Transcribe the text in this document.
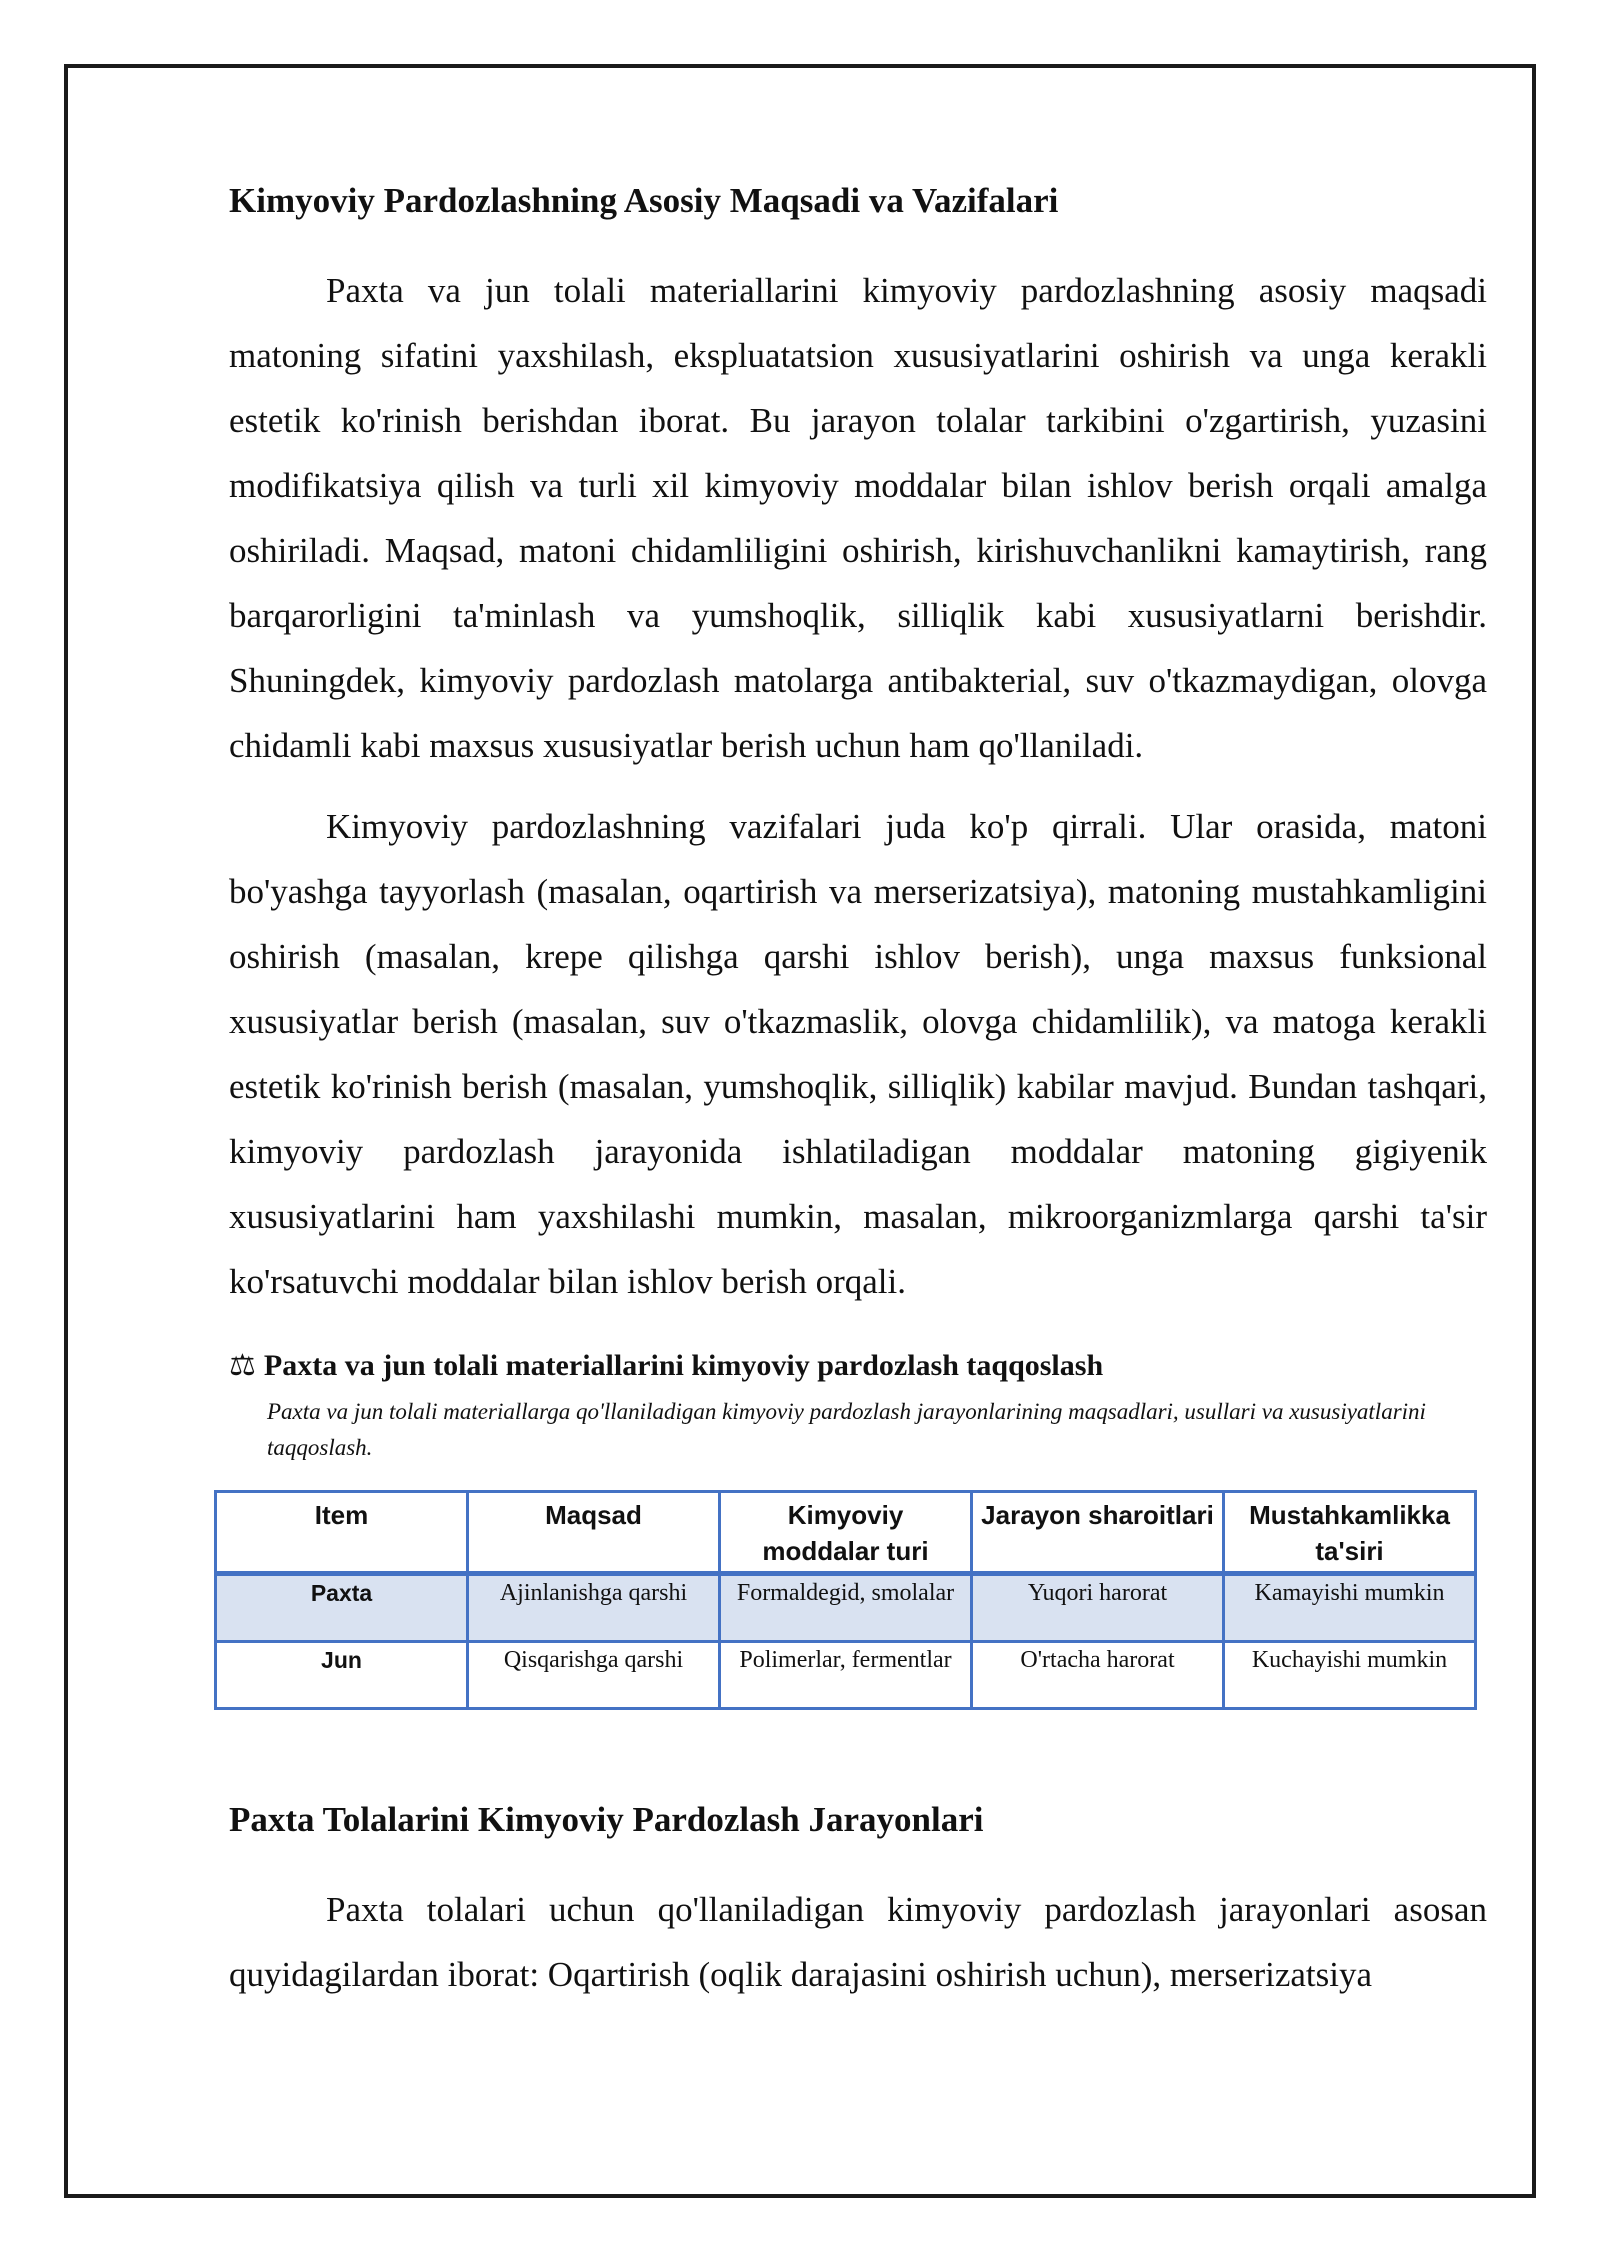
Kimyoviy Pardozlashning Asosiy Maqsadi va Vazifalari

Paxta va jun tolali materiallarini kimyoviy pardozlashning asosiy maqsadi matoning sifatini yaxshilash, ekspluatatsion xususiyatlarini oshirish va unga kerakli estetik ko'rinish berishdan iborat. Bu jarayon tolalar tarkibini o'zgartirish, yuzasini modifikatsiya qilish va turli xil kimyoviy moddalar bilan ishlov berish orqali amalga oshiriladi. Maqsad, matoni chidamliligini oshirish, kirishuvchanlikni kamaytirish, rang barqarorligini ta'minlash va yumshoqlik, silliqlik kabi xususiyatlarni berishdir. Shuningdek, kimyoviy pardozlash matolarga antibakterial, suv o'tkazmaydigan, olovga chidamli kabi maxsus xususiyatlar berish uchun ham qo'llaniladi.

Kimyoviy pardozlashning vazifalari juda ko'p qirrali. Ular orasida, matoni bo'yashga tayyorlash (masalan, oqartirish va merserizatsiya), matoning mustahkamligini oshirish (masalan, krepe qilishga qarshi ishlov berish), unga maxsus funksional xususiyatlar berish (masalan, suv o'tkazmaslik, olovga chidamlilik), va matoga kerakli estetik ko'rinish berish (masalan, yumshoqlik, silliqlik) kabilar mavjud. Bundan tashqari, kimyoviy pardozlash jarayonida ishlatiladigan moddalar matoning gigiyenik xususiyatlarini ham yaxshilashi mumkin, masalan, mikroorganizmlarga qarshi ta'sir ko'rsatuvchi moddalar bilan ishlov berish orqali.

⚖ Paxta va jun tolali materiallarini kimyoviy pardozlash taqqoslash
Paxta va jun tolali materiallarga qo'llaniladigan kimyoviy pardozlash jarayonlarining maqsadlari, usullari va xususiyatlarini taqqoslash.
Item	Maqsad	Kimyoviy moddalar turi	Jarayon sharoitlari	Mustahkamlikka ta'siri
Paxta	Ajinlanishga qarshi	Formaldegid, smolalar	Yuqori harorat	Kamayishi mumkin
Jun	Qisqarishga qarshi	Polimerlar, fermentlar	O'rtacha harorat	Kuchayishi mumkin
Paxta Tolalarini Kimyoviy Pardozlash Jarayonlari

Paxta tolalari uchun qo'llaniladigan kimyoviy pardozlash jarayonlari asosan quyidagilardan iborat: Oqartirish (oqlik darajasini oshirish uchun), merserizatsiya
